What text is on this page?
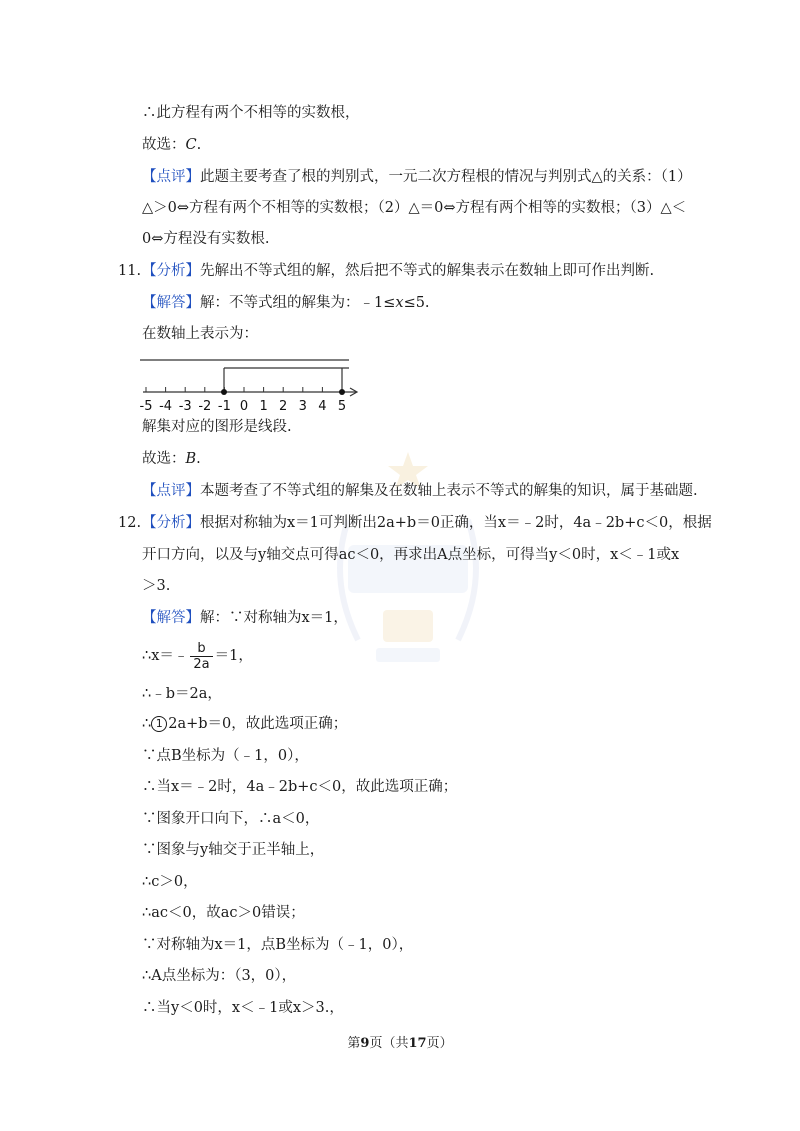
∴此方程有两个不相等的实数根，
故选：C.
【点评】此题主要考查了根的判别式，一元二次方程根的情况与判别式△的关系：（1）
△＞0⇔方程有两个不相等的实数根；（2）△＝0⇔方程有两个相等的实数根；（3）△＜
0⇔方程没有实数根.
11. 【分析】先解出不等式组的解，然后把不等式的解集表示在数轴上即可作出判断.
【解答】解：不等式组的解集为：﹣1≤x≤5.
在数轴上表示为：
-5 -4 -3 -2 -1 0 1 2 3 4 5
解集对应的图形是线段.
故选：B.
【点评】本题考查了不等式组的解集及在数轴上表示不等式的解集的知识，属于基础题.
12. 【分析】根据对称轴为x＝1可判断出2a+b＝0正确，当x＝﹣2时，4a﹣2b+c＜0，根据
开口方向，以及与y轴交点可得ac＜0，再求出A点坐标，可得当y＜0时，x＜﹣1或x
＞3.
【解答】解：∵对称轴为x＝1，
∴x＝﹣ $\frac{b}{2a} =1$，
∴﹣b＝2a，
∴ 1 2a+b＝0，故此选项正确；
∵点B坐标为（﹣1，0），
∴当x＝﹣2时，4a﹣2b+c＜0，故此选项正确；
∵图象开口向下，∴a＜0，
∵图象与y轴交于正半轴上，
∴c＞0，
∴ac＜0，故ac＞0错误；
∵对称轴为x＝1，点B坐标为（﹣1，0），
∴A点坐标为：（3，0），
∴当y＜0时，x＜﹣1或x＞3.，
第9页（共17页）
